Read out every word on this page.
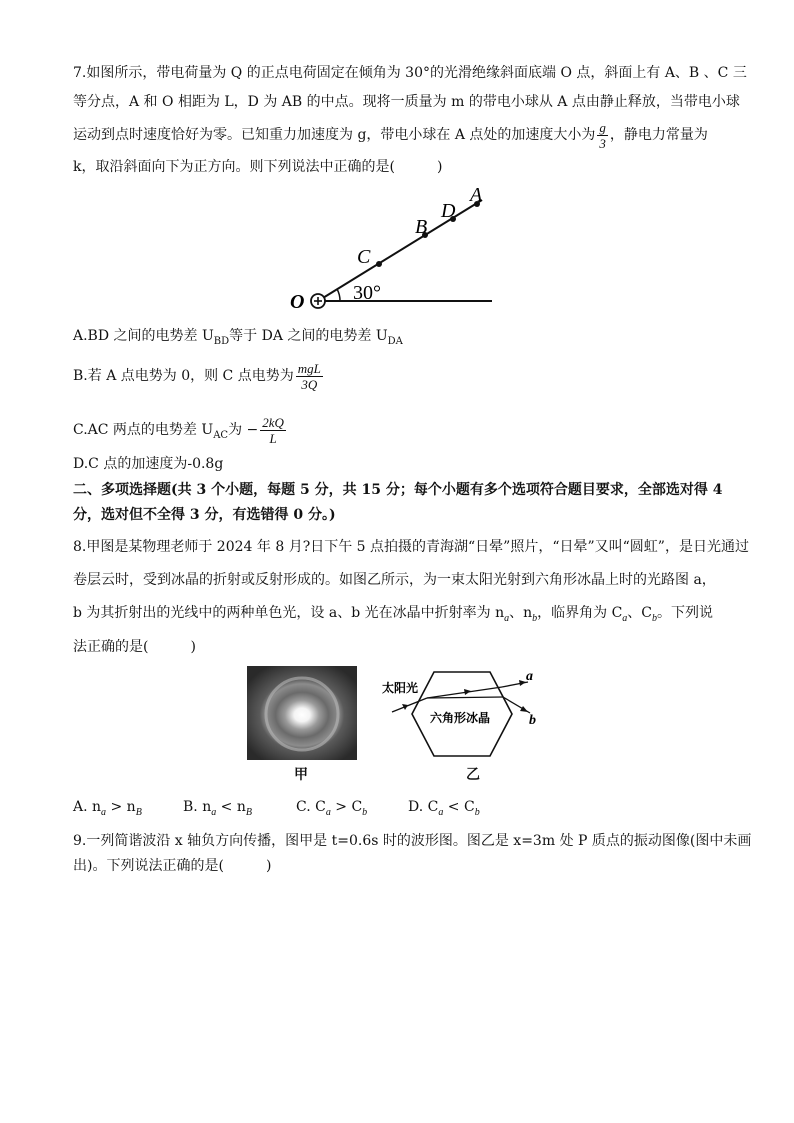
7.如图所示，带电荷量为 Q 的正点电荷固定在倾角为 30°的光滑绝缘斜面底端 O 点，斜面上有 A、B 、C 三
等分点，A 和 O 相距为 L，D 为 AB 的中点。现将一质量为 m 的带电小球从 A 点由静止释放，当带电小球
运动到点时速度恰好为零。已知重力加速度为 g，带电小球在 A 点处的加速度大小为 $\frac{g}{3}$ ，静电力常量为
k，取沿斜面向下为正方向。则下列说法中正确的是(	)
O 30°
C
B
D
A
A.BD 之间的电势差 $U_{BD}$等于 DA 之间的电势差 $U_{DA}$
B.若 A 点电势为 0，则 C 点电势为 $\frac{\text{mgL}}{3Q}$
C.AC 两点的电势差 $U_{AC}$为 − $\frac{2kQ}{L}$
D.C 点的加速度为-0.8g
二、多项选择题(共 3 个小题，每题 5 分，共 15 分；每个小题有多个选项符合题目要求，全部选对得 4
分，选对但不全得 3 分，有选错得 0 分。)
8.甲图是某物理老师于 2024 年 8 月?日下午 5 点拍摄的青海湖“日晕”照片，“日晕”又叫“圆虹”，是日光通过
卷层云时，受到冰晶的折射或反射形成的。如图乙所示，为一束太阳光射到六角形冰晶上时的光路图 a，
b 为其折射出的光线中的两种单色光，设 a、b 光在冰晶中折射率为 $n_a$、$n_b$，临界角为 $C_a$、$C_b$。下列说
法正确的是(	)
甲
太阳光
六角形冰晶
a
b
乙
A. $n_a > n_B$	B. $n_a < n_B$	C. $C_a > C_b$	D. $C_a < C_b$
9.一列简谐波沿 x 轴负方向传播，图甲是 t=0.6s 时的波形图。图乙是 x=3m 处 P 质点的振动图像(图中未画
出)。下列说法正确的是(	)
